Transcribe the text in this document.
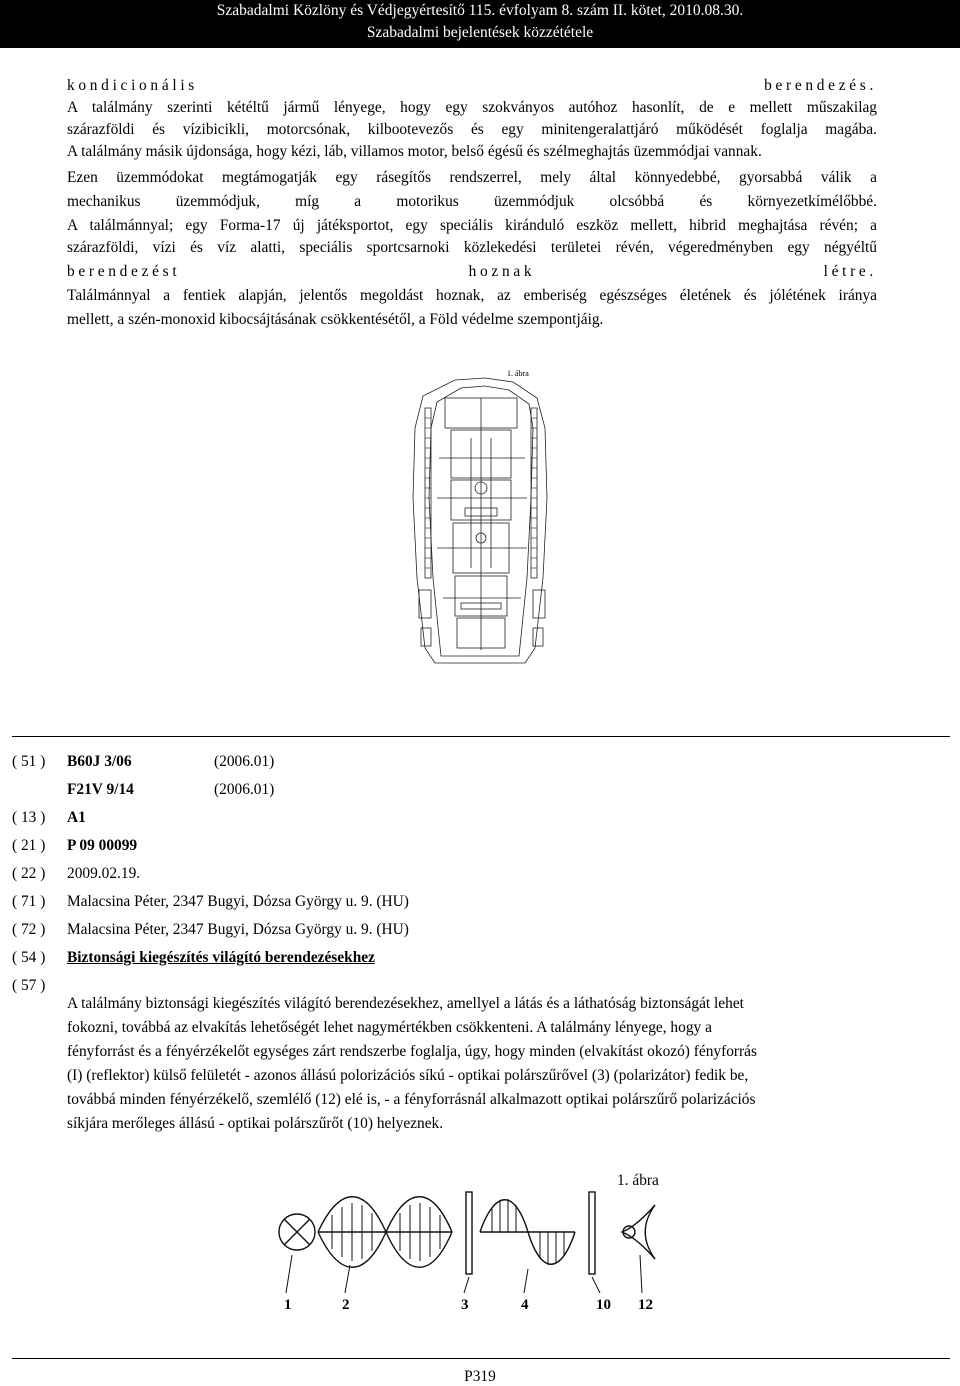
Szabadalmi Közlöny és Védjegyértesítő 115. évfolyam 8. szám II. kötet, 2010.08.30.
Szabadalmi bejelentések közzététele
kondicionális	berendezés.
A találmány szerinti kétéltű jármű lényege, hogy egy szokványos autóhoz hasonlít, de e mellett műszakilag
szárazföldi és vízibicikli, motorcsónak, kilbootevezős és egy minitengeralattjáró működését foglalja magába.
A találmány másik újdonsága, hogy kézi, láb, villamos motor, belső égésű és szélmeghajtás üzemmódjai vannak.
Ezen üzemmódokat megtámogatják egy rásegítős rendszerrel, mely által könnyedebbé, gyorsabbá válik a
mechanikus üzemmódjuk, míg a motorikus üzemmódjuk olcsóbbá és környezetkímélőbbé.
A találmánnyal; egy Forma-17 új játéksportot, egy speciális kiránduló eszköz mellett, hibrid meghajtása révén; a
szárazföldi, vízi és víz alatti, speciális sportcsarnoki közlekedési területei révén, végeredményben egy négyéltű
berendezést	hoznak	létre.
Találmánnyal a fentiek alapján, jelentős megoldást hoznak, az emberiség egészséges életének és jólétének iránya
mellett, a szén-monoxid kibocsájtásának csökkentésétől, a Föld védelme szempontjáig.
1. ábra
( 51 )	B60J 3/06	(2006.01)
F21V 9/14	(2006.01)
( 13 )	A1
( 21 )	P 09 00099
( 22 )	2009.02.19.
( 71 )	Malacsina Péter, 2347 Bugyi, Dózsa György u. 9. (HU)
( 72 )	Malacsina Péter, 2347 Bugyi, Dózsa György u. 9. (HU)
( 54 )	Biztonsági kiegészítés világító berendezésekhez
( 57 )
A találmány biztonsági kiegészítés világító berendezésekhez, amellyel a látás és a láthatóság biztonságát lehet
fokozni, továbbá az elvakítás lehetőségét lehet nagymértékben csökkenteni. A találmány lényege, hogy a
fényforrást és a fényérzékelőt egységes zárt rendszerbe foglalja, úgy, hogy minden (elvakítást okozó) fényforrás
(I) (reflektor) külső felületét - azonos állású polorizációs síkú - optikai polárszűrővel (3) (polarizátor) fedik be,
továbbá minden fényérzékelő, szemlélő (12) elé is, - a fényforrásnál alkalmazott optikai polárszűrő polarizációs
síkjára merőleges állású - optikai polárszűrőt (10) helyeznek.
1. ábra
1	2	3	4	10 12
P319
